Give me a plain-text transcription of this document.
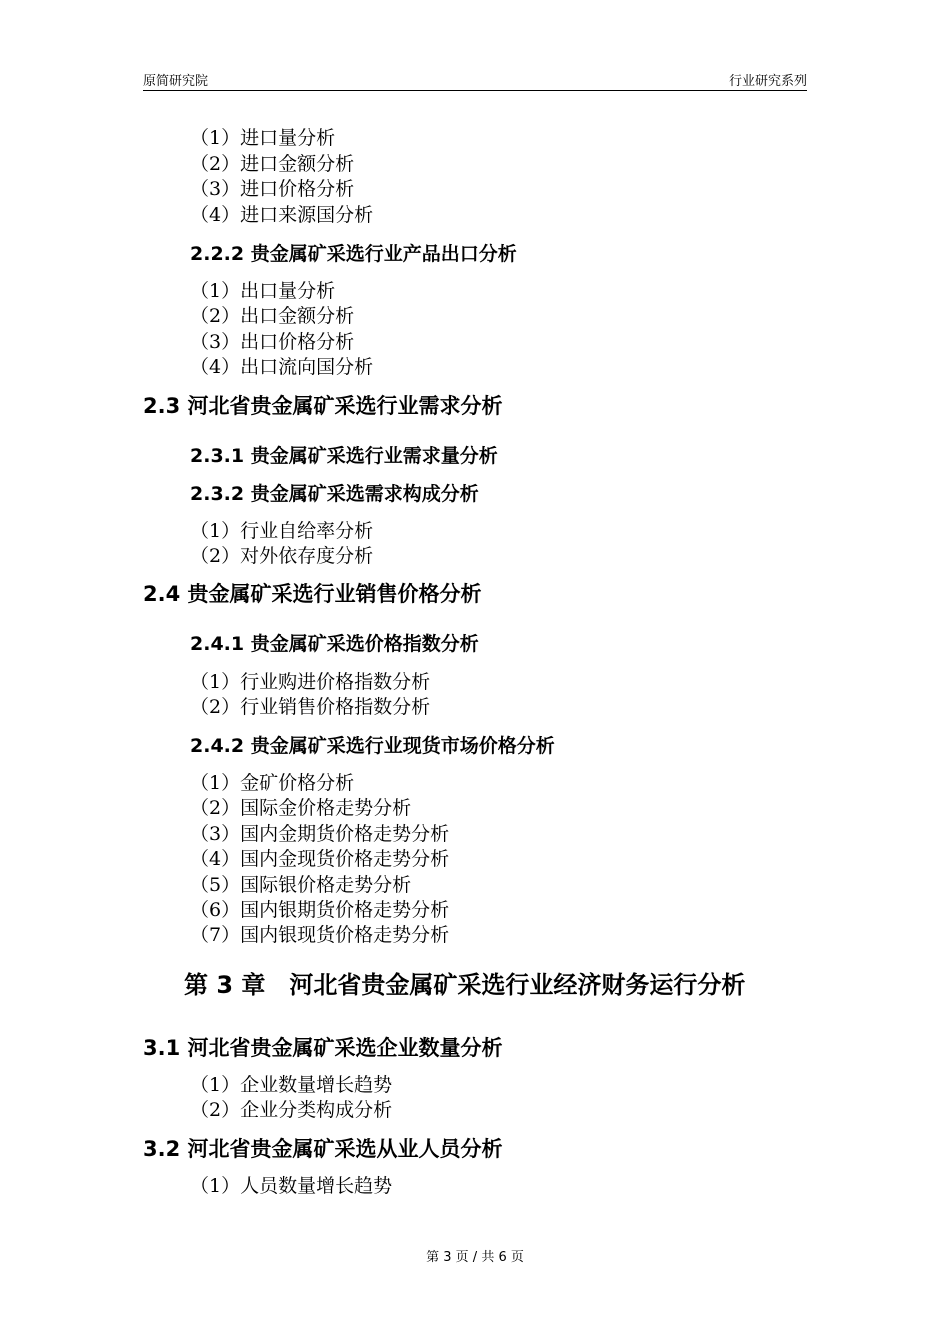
原简研究院	行业研究系列
（1）进口量分析
（2）进口金额分析
（3）进口价格分析
（4）进口来源国分析
2.2.2 贵金属矿采选行业产品出口分析
（1）出口量分析
（2）出口金额分析
（3）出口价格分析
（4）出口流向国分析
2.3 河北省贵金属矿采选行业需求分析
2.3.1 贵金属矿采选行业需求量分析
2.3.2 贵金属矿采选需求构成分析
（1）行业自给率分析
（2）对外依存度分析
2.4 贵金属矿采选行业销售价格分析
2.4.1 贵金属矿采选价格指数分析
（1）行业购进价格指数分析
（2）行业销售价格指数分析
2.4.2 贵金属矿采选行业现货市场价格分析
（1）金矿价格分析
（2）国际金价格走势分析
（3）国内金期货价格走势分析
（4）国内金现货价格走势分析
（5）国际银价格走势分析
（6）国内银期货价格走势分析
（7）国内银现货价格走势分析
第 3 章　河北省贵金属矿采选行业经济财务运行分析
3.1 河北省贵金属矿采选企业数量分析
（1）企业数量增长趋势
（2）企业分类构成分析
3.2 河北省贵金属矿采选从业人员分析
（1）人员数量增长趋势
第 3 页 / 共 6 页
